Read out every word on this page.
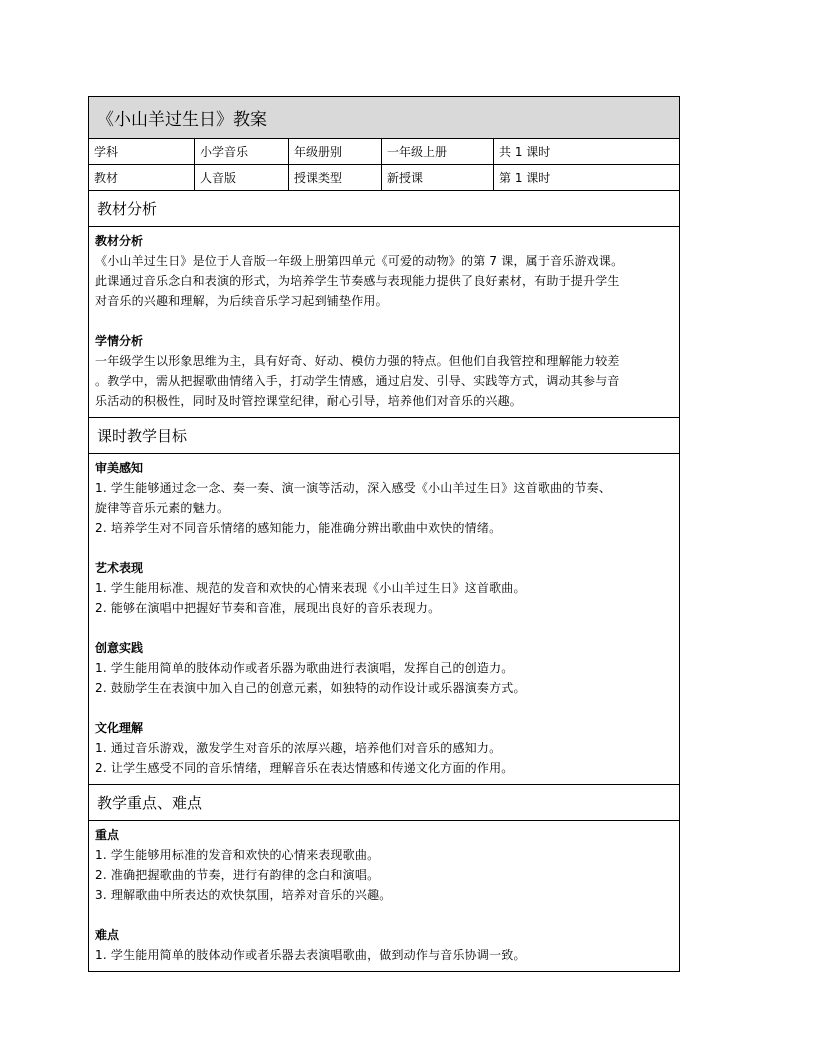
《小山羊过生日》教案
学科	小学音乐	年级册别	一年级上册	共 1 课时
教材	人音版	授课类型	新授课	第 1 课时
教材分析
教材分析
《小山羊过生日》是位于人音版一年级上册第四单元《可爱的动物》的第 7 课，属于音乐游戏课。
此课通过音乐念白和表演的形式，为培养学生节奏感与表现能力提供了良好素材，有助于提升学生
对音乐的兴趣和理解，为后续音乐学习起到铺垫作用。
学情分析
一年级学生以形象思维为主，具有好奇、好动、模仿力强的特点。但他们自我管控和理解能力较差
。教学中，需从把握歌曲情绪入手，打动学生情感，通过启发、引导、实践等方式，调动其参与音
乐活动的积极性，同时及时管控课堂纪律，耐心引导，培养他们对音乐的兴趣。
课时教学目标
审美感知
1. 学生能够通过念一念、奏一奏、演一演等活动，深入感受《小山羊过生日》这首歌曲的节奏、
旋律等音乐元素的魅力。
2. 培养学生对不同音乐情绪的感知能力，能准确分辨出歌曲中欢快的情绪。
艺术表现
1. 学生能用标准、规范的发音和欢快的心情来表现《小山羊过生日》这首歌曲。
2. 能够在演唱中把握好节奏和音准，展现出良好的音乐表现力。
创意实践
1. 学生能用简单的肢体动作或者乐器为歌曲进行表演唱，发挥自己的创造力。
2. 鼓励学生在表演中加入自己的创意元素，如独特的动作设计或乐器演奏方式。
文化理解
1. 通过音乐游戏，激发学生对音乐的浓厚兴趣，培养他们对音乐的感知力。
2. 让学生感受不同的音乐情绪，理解音乐在表达情感和传递文化方面的作用。
教学重点、难点
重点
1. 学生能够用标准的发音和欢快的心情来表现歌曲。
2. 准确把握歌曲的节奏，进行有韵律的念白和演唱。
3. 理解歌曲中所表达的欢快氛围，培养对音乐的兴趣。
难点
1. 学生能用简单的肢体动作或者乐器去表演唱歌曲，做到动作与音乐协调一致。
